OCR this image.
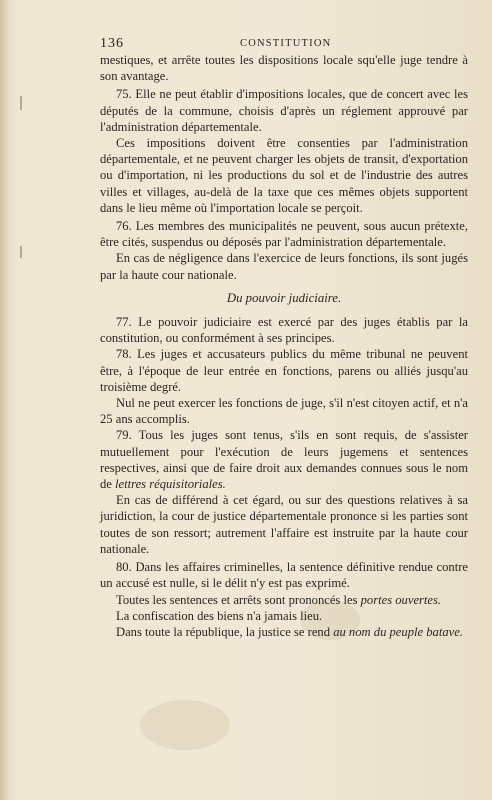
136	CONSTITUTION

mestiques, et arrête toutes les dispositions locale squ'elle juge tendre à son avantage.

75. Elle ne peut établir d'impositions locales, que de concert avec les députés de la commune, choisis d'après un réglement approuvé par l'administration départementale.

Ces impositions doivent être consenties par l'administration départementale, et ne peuvent charger les objets de transit, d'exportation ou d'importation, ni les productions du sol et de l'industrie des autres villes et villages, au-delà de la taxe que ces mêmes objets supportent dans le lieu même où l'importation locale se perçoit.

76. Les membres des municipalités ne peuvent, sous aucun prétexte, être cités, suspendus ou déposés par l'administration départementale.

En cas de négligence dans l'exercice de leurs fonctions, ils sont jugés par la haute cour nationale.

Du pouvoir judiciaire.

77. Le pouvoir judiciaire est exercé par des juges établis par la constitution, ou conformément à ses principes.

78. Les juges et accusateurs publics du même tribunal ne peuvent être, à l'époque de leur entrée en fonctions, parens ou alliés jusqu'au troisième degré.

Nul ne peut exercer les fonctions de juge, s'il n'est citoyen actif, et n'a 25 ans accomplis.

79. Tous les juges sont tenus, s'ils en sont requis, de s'assister mutuellement pour l'exécution de leurs jugemens et sentences respectives, ainsi que de faire droit aux demandes connues sous le nom de lettres réquisitoriales.

En cas de différend à cet égard, ou sur des questions relatives à sa juridiction, la cour de justice départementale prononce si les parties sont toutes de son ressort; autrement l'affaire est instruite par la haute cour nationale.

80. Dans les affaires criminelles, la sentence définitive rendue contre un accusé est nulle, si le délit n'y est pas exprimé.

Toutes les sentences et arrêts sont prononcés les portes ouvertes.

La confiscation des biens n'a jamais lieu.

Dans toute la république, la justice se rend au nom du peuple batave.
